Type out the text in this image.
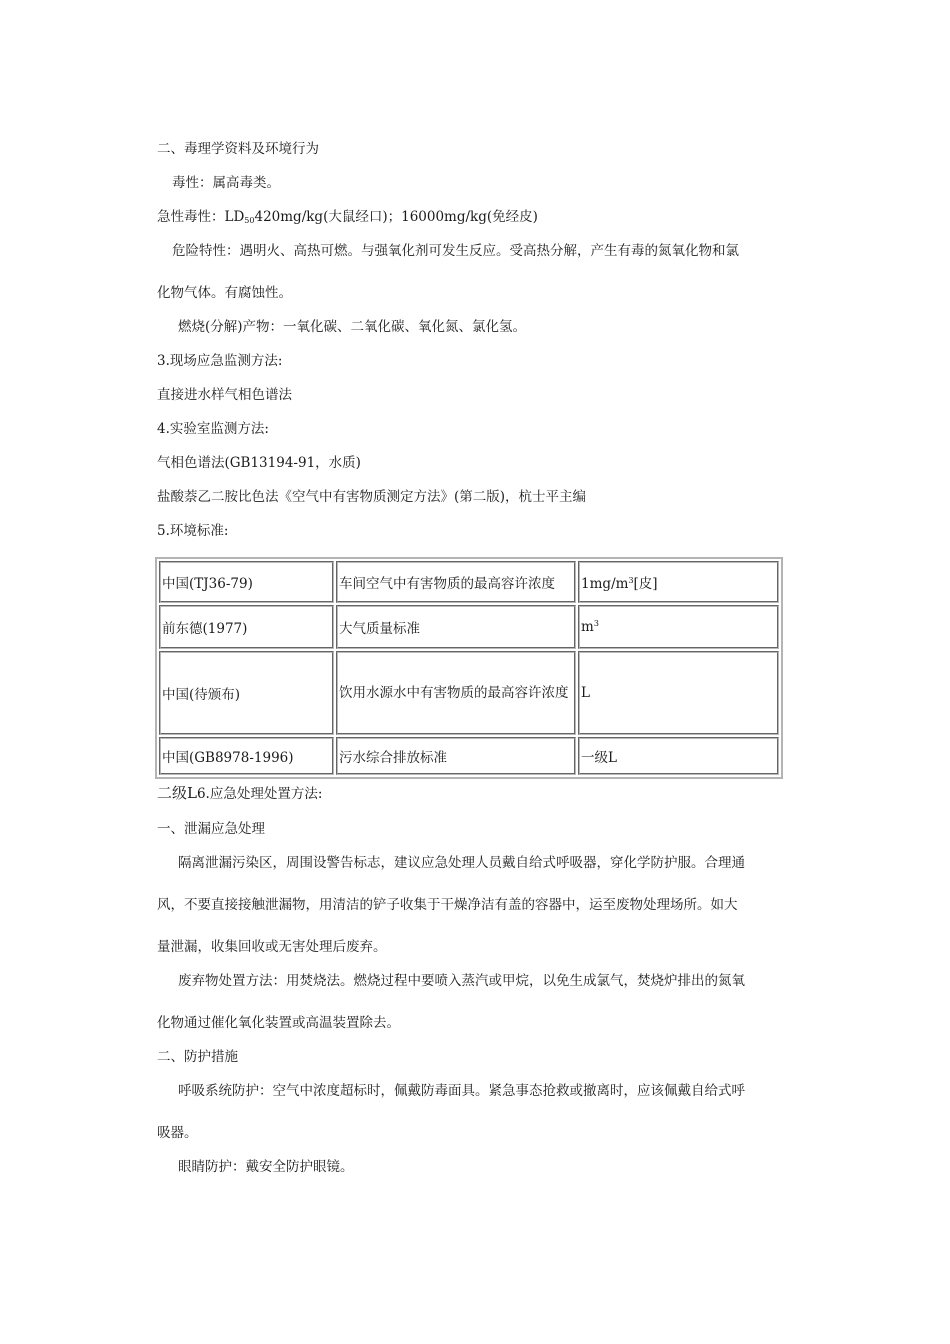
二、毒理学资料及环境行为
毒性：属高毒类。
急性毒性：$LD_{50}420mg/kg$(大鼠经口)；16000mg/kg(免经皮)
危险特性：遇明火、高热可燃。与强氧化剂可发生反应。受高热分解，产生有毒的氮氧化物和氯
化物气体。有腐蚀性。
燃烧(分解)产物：一氧化碳、二氧化碳、氧化氮、氯化氢。
3.现场应急监测方法:
直接进水样气相色谱法
4.实验室监测方法:
气相色谱法(GB13194-91，水质)
盐酸萘乙二胺比色法《空气中有害物质测定方法》(第二版)，杭士平主编
5.环境标准:
中国(TJ36-79)	车间空气中有害物质的最高容许浓度	$1mg/m^3$[皮]
前东德(1977)	大气质量标准	$m^3$
中国(待颁布)	饮用水源水中有害物质的最高容许浓度	L
中国(GB8978-1996)	污水综合排放标准	一级L
二级L6.应急处理处置方法:
一、泄漏应急处理
隔离泄漏污染区，周围设警告标志，建议应急处理人员戴自给式呼吸器，穿化学防护服。合理通
风，不要直接接触泄漏物，用清洁的铲子收集于干燥净洁有盖的容器中，运至废物处理场所。如大
量泄漏，收集回收或无害处理后废弃。
废弃物处置方法：用焚烧法。燃烧过程中要喷入蒸汽或甲烷，以免生成氯气，焚烧炉排出的氮氧
化物通过催化氧化装置或高温装置除去。
二、防护措施
呼吸系统防护：空气中浓度超标时，佩戴防毒面具。紧急事态抢救或撤离时，应该佩戴自给式呼
吸器。
眼睛防护：戴安全防护眼镜。
